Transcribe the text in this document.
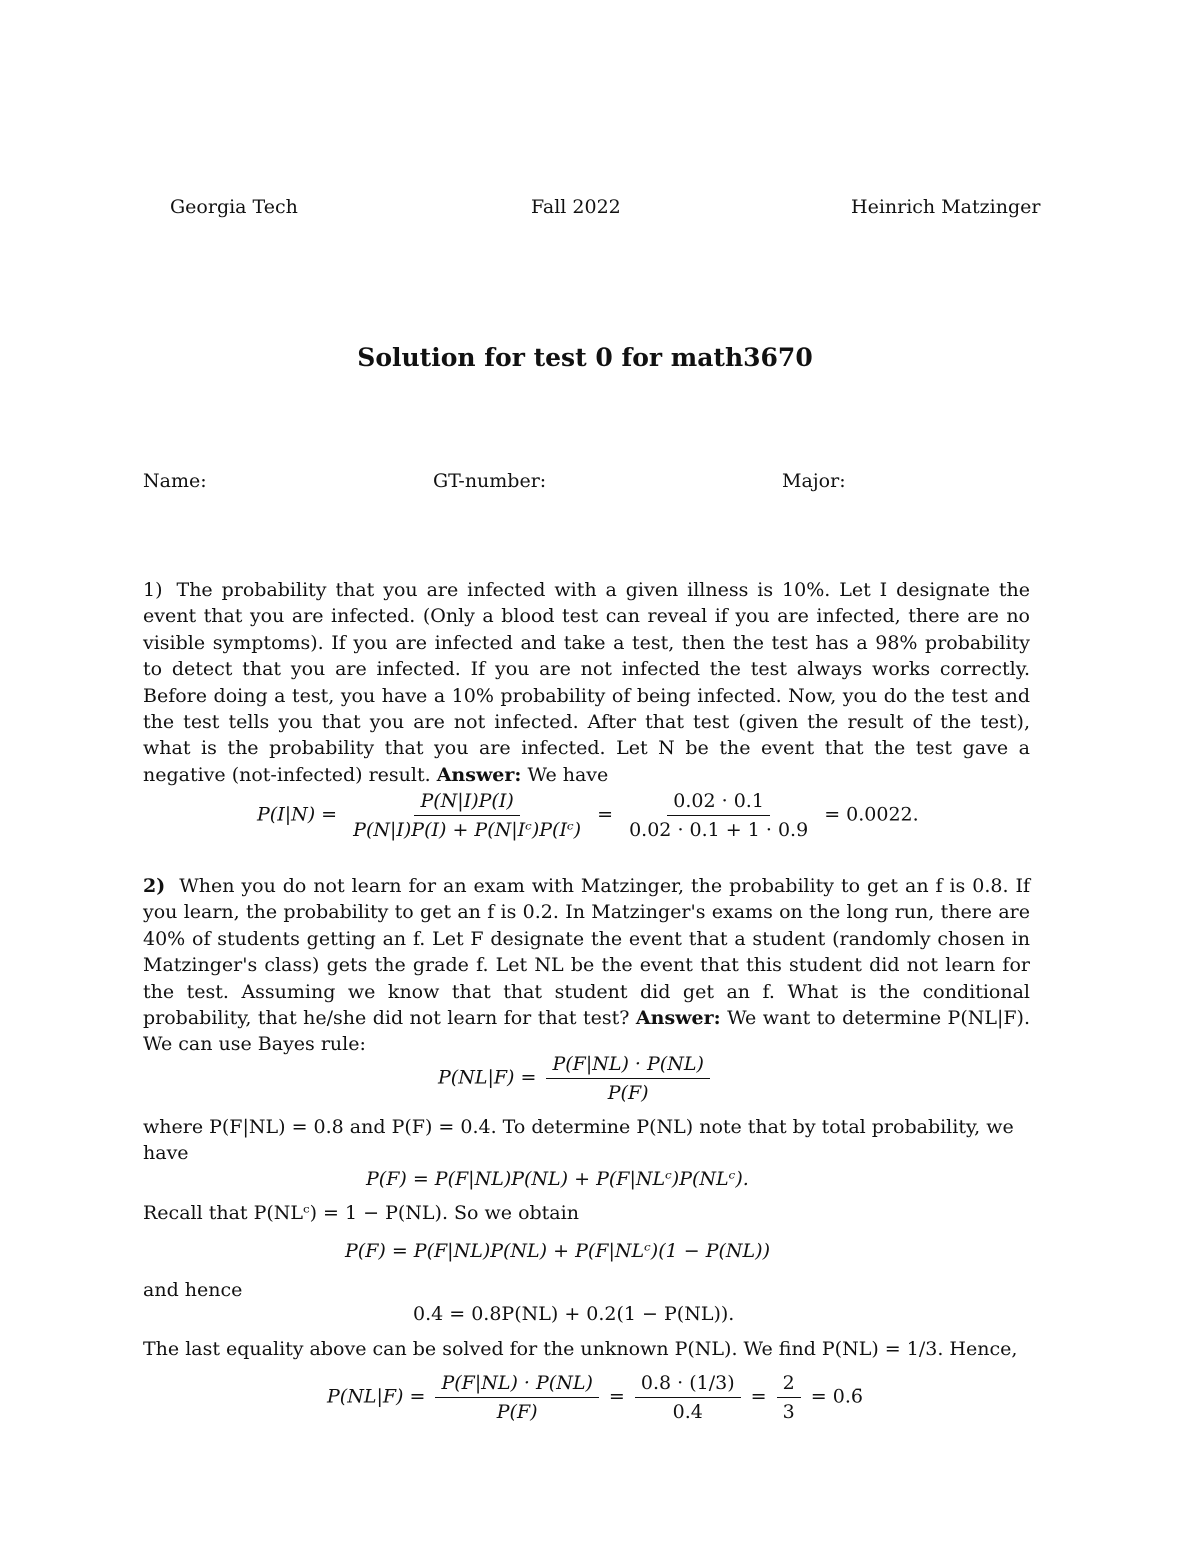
Georgia Tech	Fall 2022	Heinrich Matzinger
Solution for test 0 for math3670
Name:	GT-number:	Major:
1) The probability that you are infected with a given illness is 10%. Let I designate the event that you are infected. (Only a blood test can reveal if you are infected, there are no visible symptoms). If you are infected and take a test, then the test has a 98% probability to detect that you are infected. If you are not infected the test always works correctly. Before doing a test, you have a 10% probability of being infected. Now, you do the test and the test tells you that you are not infected. After that test (given the result of the test), what is the probability that you are infected. Let N be the event that the test gave a negative (not-infected) result. Answer: We have
$P(I|N) = \frac{P(N|I)P(I)}{\text{P(N|I)P(I) + P(N|Iᶜ)P(Iᶜ)}} = \frac{0.02 \cdot 0.1}{0.02 \cdot 0.1 + 1 \cdot 0.9} = 0.0022$.
2) When you do not learn for an exam with Matzinger, the probability to get an f is 0.8. If you learn, the probability to get an f is 0.2. In Matzinger's exams on the long run, there are 40% of students getting an f. Let F designate the event that a student (randomly chosen in Matzinger's class) gets the grade f. Let NL be the event that this student did not learn for the test. Assuming we know that that student did get an f. What is the conditional probability, that he/she did not learn for that test? Answer: We want to determine P(NL|F). We can use Bayes rule:
$P(NL|F) = \frac{P(F|NL) \cdot P(NL)}{P(F)}$
where P(F|NL) = 0.8 and P(F) = 0.4. To determine P(NL) note that by total probability, we
have
P(F) = P(F|NL)P(NL) + P(F|NLᶜ)P(NLᶜ).
Recall that P(NLᶜ) = 1 − P(NL). So we obtain
P(F) = P(F|NL)P(NL) + P(F|NLᶜ)(1 − P(NL))
and hence
0.4 = 0.8P(NL) + 0.2(1 − P(NL)).
The last equality above can be solved for the unknown P(NL). We find P(NL) = 1/3. Hence,
$P(NL|F) = \frac{P(F|NL) \cdot P(NL)}{P(F)} = \frac{0.8 \cdot (1/3)}{0.4} = \frac{2}{3}$ = 0.6̄
